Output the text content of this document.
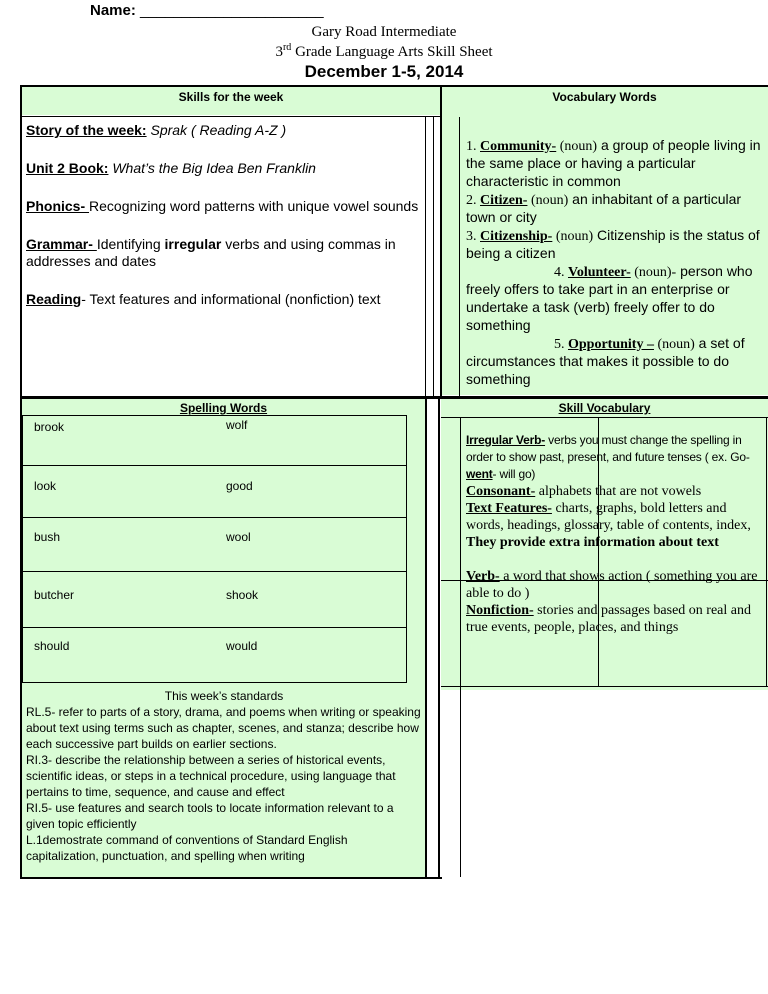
Name: ______________________
Gary Road Intermediate
3rd Grade Language Arts Skill Sheet
December 1-5, 2014
Skills for the week

Story of the week: Sprak ( Reading A-Z )

Unit 2 Book: What’s the Big Idea Ben Franklin

Phonics- Recognizing word patterns with unique vowel sounds

Grammar- Identifying irregular verbs and using commas in addresses and dates

Reading- Text features and informational (nonfiction) text

Vocabulary Words

1. Community- (noun) a group of people living in the same place or having a particular characteristic in common

2. Citizen- (noun) an inhabitant of a particular town or city

3. Citizenship- (noun) Citizenship is the status of being a citizen

4. Volunteer- (noun)- person who freely offers to take part in an enterprise or undertake a task (verb) freely offer to do something

5. Opportunity – (noun) a set of circumstances that makes it possible to do something

Spelling Words
brook	wolf
look	good
bush	wool
butcher	shook
should	would

This week’s standards

RL.5- refer to parts of a story, drama, and poems when writing or speaking about text using terms such as chapter, scenes, and stanza; describe how each successive part builds on earlier sections.

RI.3- describe the relationship between a series of historical events, scientific ideas, or steps in a technical procedure, using language that pertains to time, sequence, and cause and effect

RI.5- use features and search tools to locate information relevant to a given topic efficiently

L.1demostrate command of conventions of Standard English capitalization, punctuation, and spelling when writing

Skill Vocabulary

Irregular Verb- verbs you must change the spelling in order to show past, present, and future tenses ( ex. Go-went- will go)

Consonant- alphabets that are not vowels

Text Features- charts, graphs, bold letters and words, headings, glossary, table of contents, index, They provide extra information about text

Verb- a word that shows action ( something you are able to do )

Nonfiction- stories and passages based on real and true events, people, places, and things
